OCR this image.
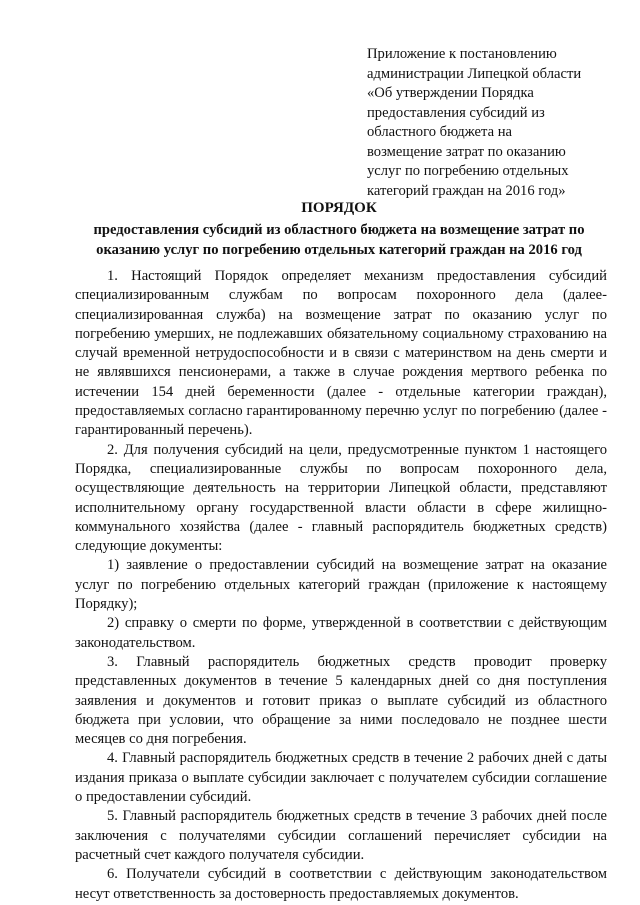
Приложение к постановлению
администрации Липецкой области
«Об утверждении Порядка
предоставления субсидий из
областного бюджета на
возмещение затрат по оказанию
услуг по погребению отдельных
категорий граждан на 2016 год»
ПОРЯДОК
предоставления субсидий из областного бюджета на возмещение затрат по оказанию услуг по погребению отдельных категорий граждан на 2016 год

1. Настоящий Порядок определяет механизм предоставления субсидий специализированным службам по вопросам похоронного дела (далее- специализированная служба) на возмещение затрат по оказанию услуг по погребению умерших, не подлежавших обязательному социальному страхованию на случай временной нетрудоспособности и в связи с материнством на день смерти и не являвшихся пенсионерами, а также в случае рождения мертвого ребенка по истечении 154 дней беременности (далее - отдельные категории граждан), предоставляемых согласно гарантированному перечню услуг по погребению (далее - гарантированный перечень).

2. Для получения субсидий на цели, предусмотренные пунктом 1 настоящего Порядка, специализированные службы по вопросам похоронного дела, осуществляющие деятельность на территории Липецкой области, представляют исполнительному органу государственной власти области в сфере жилищно-коммунального хозяйства (далее - главный распорядитель бюджетных средств) следующие документы:

1) заявление о предоставлении субсидий на возмещение затрат на оказание услуг по погребению отдельных категорий граждан (приложение к настоящему Порядку);

2) справку о смерти по форме, утвержденной в соответствии с действующим законодательством.

3. Главный распорядитель бюджетных средств проводит проверку представленных документов в течение 5 календарных дней со дня поступления заявления и документов и готовит приказ о выплате субсидий из областного бюджета при условии, что обращение за ними последовало не позднее шести месяцев со дня погребения.

4. Главный распорядитель бюджетных средств в течение 2 рабочих дней с даты издания приказа о выплате субсидии заключает с получателем субсидии соглашение о предоставлении субсидий.

5. Главный распорядитель бюджетных средств в течение 3 рабочих дней после заключения с получателями субсидии соглашений перечисляет субсидии на расчетный счет каждого получателя субсидии.

6. Получатели субсидий в соответствии с действующим законодательством несут ответственность за достоверность предоставляемых документов.
